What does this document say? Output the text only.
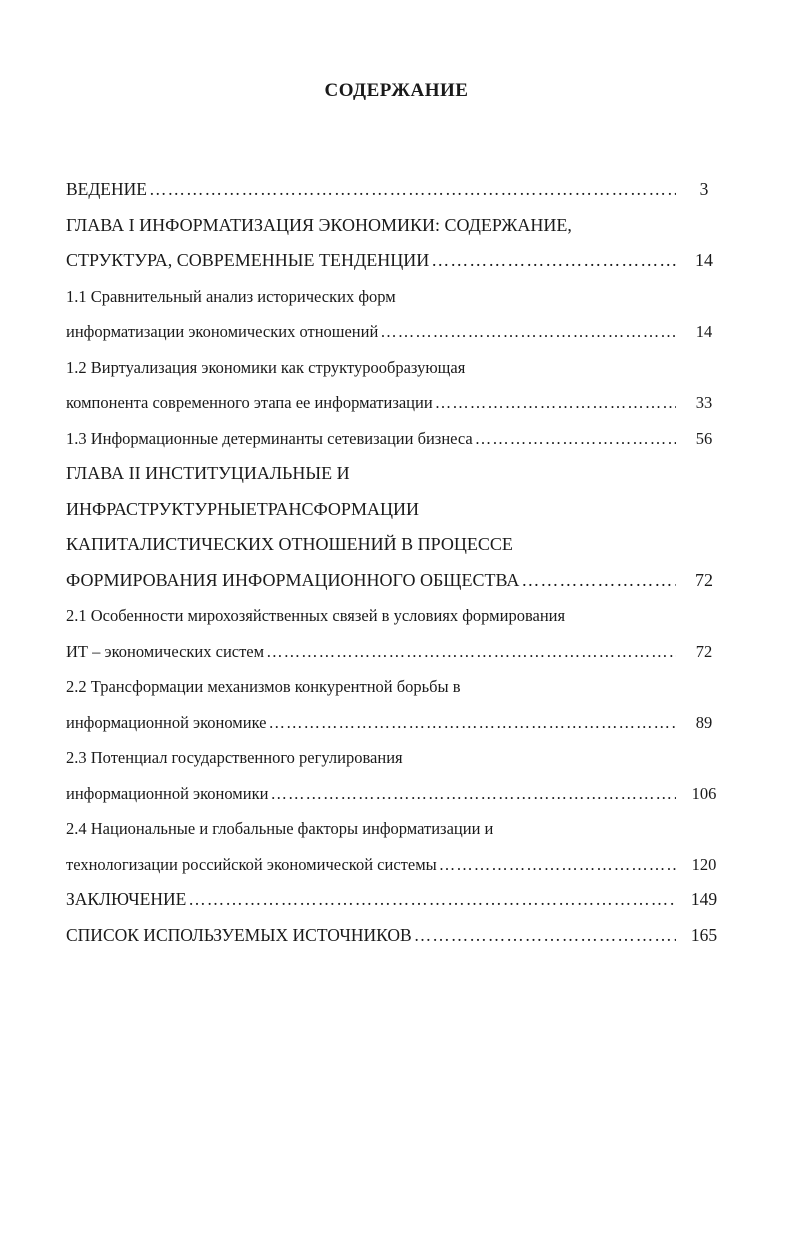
СОДЕРЖАНИЕ
ВЕДЕНИЕ ……………………………………………………………………………………………………………………………………	3
ГЛАВА I ИНФОРМАТИЗАЦИЯ ЭКОНОМИКИ: СОДЕРЖАНИЕ,
СТРУКТУРА, СОВРЕМЕННЫЕ ТЕНДЕНЦИИ ……………………………………………………………………………………………………………………………………	14
1.1 Сравнительный анализ исторических форм
информатизации экономических отношений ……………………………………………………………………………………………………………………………………	14
1.2 Виртуализация экономики как структурообразующая
компонента современного этапа ее информатизации ……………………………………………………………………………………………………………………………………	33
1.3 Информационные детерминанты сетевизации бизнеса ……………………………………………………………………………………………………………………………………	56
ГЛАВА II ИНСТИТУЦИАЛЬНЫЕ И
ИНФРАСТРУКТУРНЫЕТРАНСФОРМАЦИИ
КАПИТАЛИСТИЧЕСКИХ ОТНОШЕНИЙ В ПРОЦЕССЕ
ФОРМИРОВАНИЯ ИНФОРМАЦИОННОГО ОБЩЕСТВА ……………………………………………………………………………………………………………………………………	72
2.1 Особенности мирохозяйственных связей в условиях формирования
ИТ – экономических систем ……………………………………………………………………………………………………………………………………	72
2.2 Трансформации механизмов конкурентной борьбы в
информационной экономике ……………………………………………………………………………………………………………………………………	89
2.3 Потенциал государственного регулирования
информационной экономики ……………………………………………………………………………………………………………………………………	106
2.4 Национальные и глобальные факторы информатизации и
технологизации российской экономической системы ……………………………………………………………………………………………………………………………………	120
ЗАКЛЮЧЕНИЕ ……………………………………………………………………………………………………………………………………	149
СПИСОК ИСПОЛЬЗУЕМЫХ ИСТОЧНИКОВ ……………………………………………………………………………………………………………………………………	165
